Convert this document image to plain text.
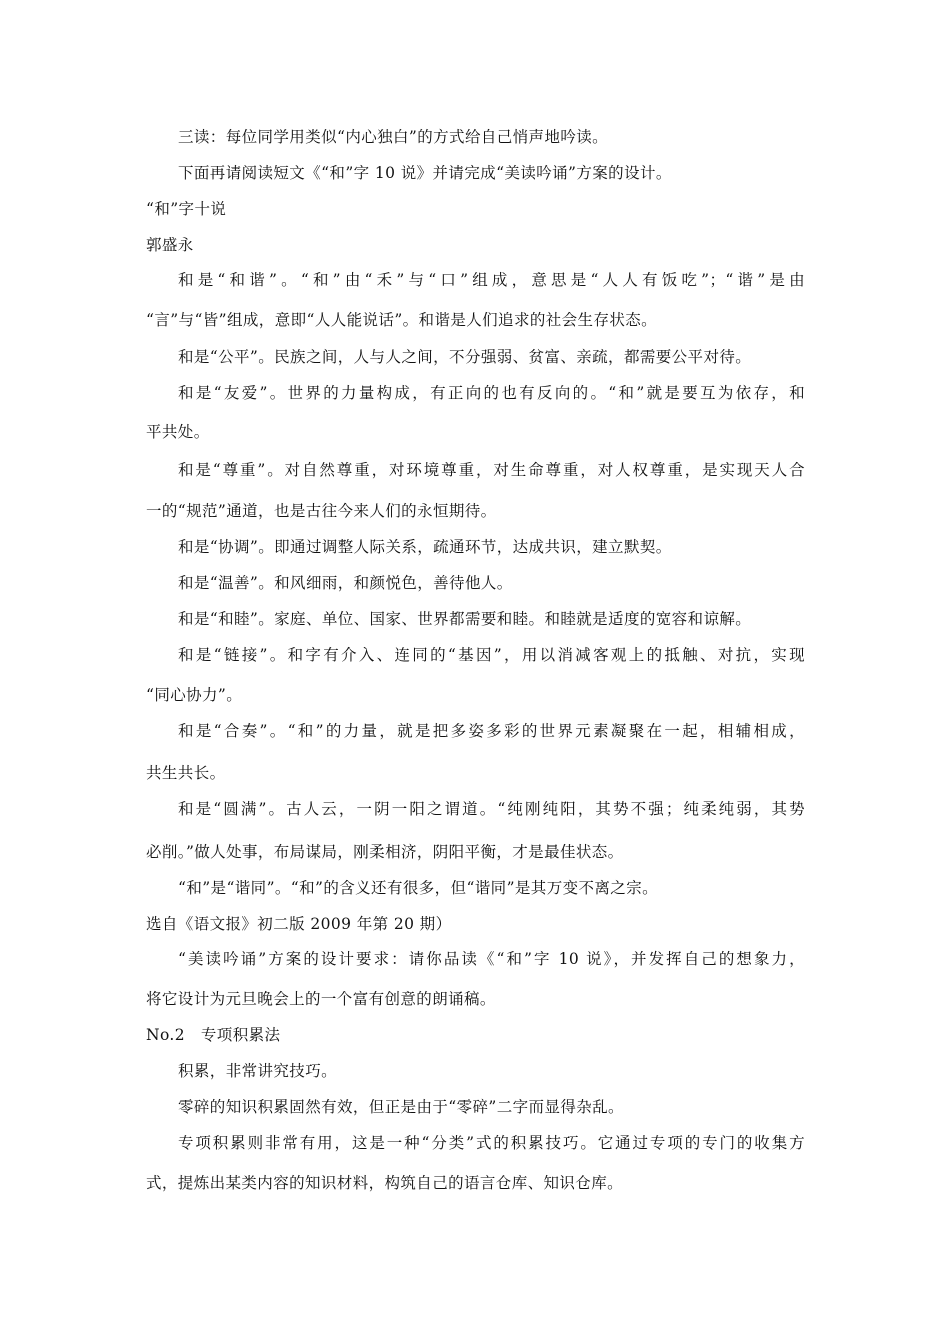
三读：每位同学用类似“内心独白”的方式给自己悄声地吟读。
下面再请阅读短文《“和”字 10 说》并请完成“美读吟诵”方案的设计。
“和”字十说
郭盛永
和是“和谐”。“和”由“禾”与“口”组成，意思是“人人有饭吃”；“谐”是由
“言”与“皆”组成，意即“人人能说话”。和谐是人们追求的社会生存状态。
和是“公平”。民族之间，人与人之间，不分强弱、贫富、亲疏，都需要公平对待。
和是“友爱”。世界的力量构成，有正向的也有反向的。“和”就是要互为依存，和
平共处。
和是“尊重”。对自然尊重，对环境尊重，对生命尊重，对人权尊重，是实现天人合
一的“规范”通道，也是古往今来人们的永恒期待。
和是“协调”。即通过调整人际关系，疏通环节，达成共识，建立默契。
和是“温善”。和风细雨，和颜悦色，善待他人。
和是“和睦”。家庭、单位、国家、世界都需要和睦。和睦就是适度的宽容和谅解。
和是“链接”。和字有介入、连同的“基因”，用以消减客观上的抵触、对抗，实现
“同心协力”。
和是“合奏”。“和”的力量，就是把多姿多彩的世界元素凝聚在一起，相辅相成，
共生共长。
和是“圆满”。古人云，一阴一阳之谓道。“纯刚纯阳，其势不强；纯柔纯弱，其势
必削。”做人处事，布局谋局，刚柔相济，阴阳平衡，才是最佳状态。
“和”是“谐同”。“和”的含义还有很多，但“谐同”是其万变不离之宗。
选自《语文报》初二版 2009 年第 20 期）
“美读吟诵”方案的设计要求：请你品读《“和”字 10 说》，并发挥自己的想象力，
将它设计为元旦晚会上的一个富有创意的朗诵稿。
No.2　专项积累法
积累，非常讲究技巧。
零碎的知识积累固然有效，但正是由于“零碎”二字而显得杂乱。
专项积累则非常有用，这是一种“分类”式的积累技巧。它通过专项的专门的收集方
式，提炼出某类内容的知识材料，构筑自己的语言仓库、知识仓库。
